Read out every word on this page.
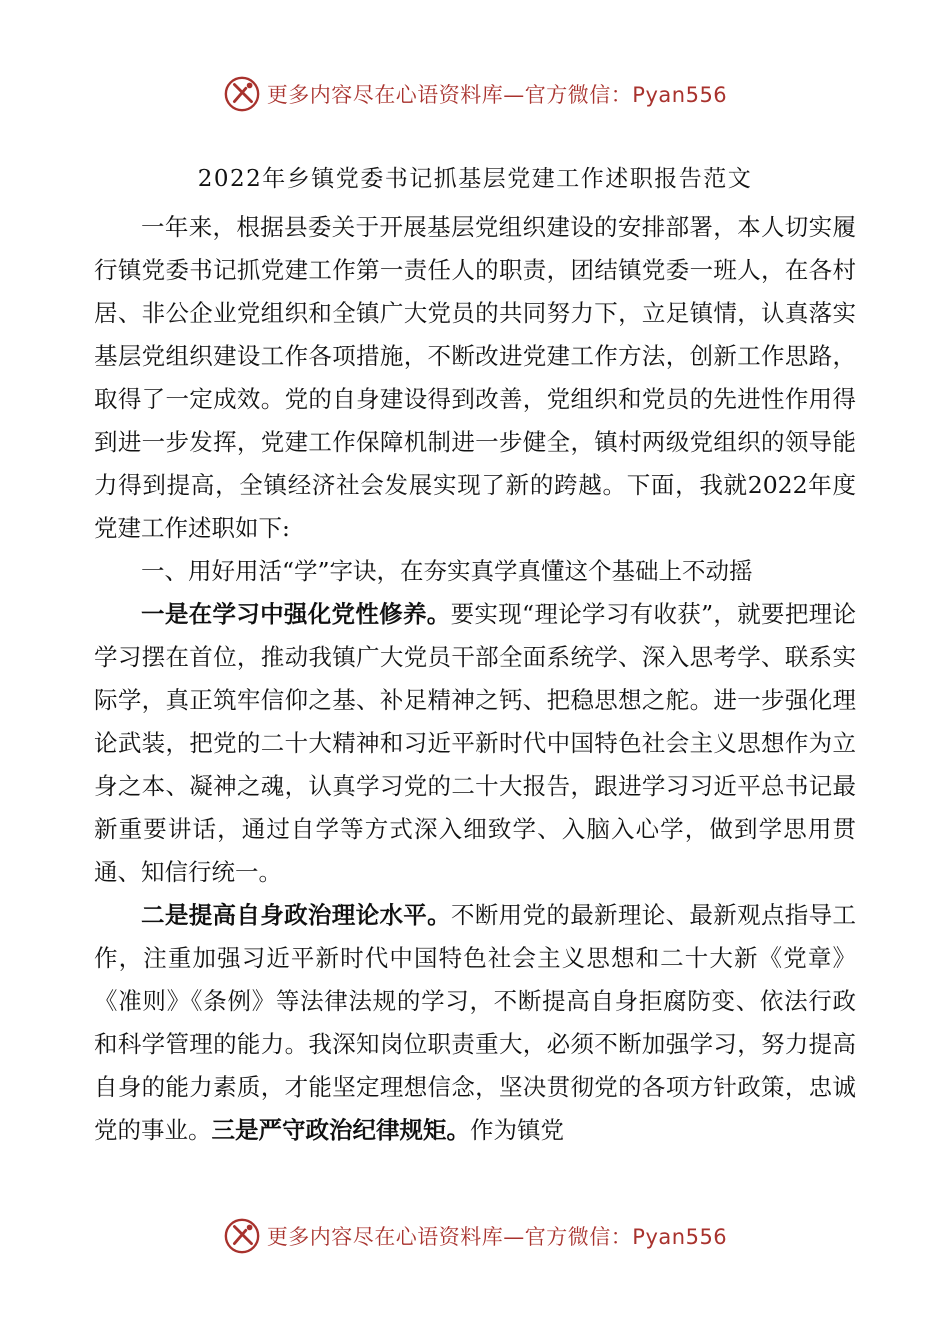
更多内容尽在心语资料库—官方微信：Pyan556
2022年乡镇党委书记抓基层党建工作述职报告范文

一年来，根据县委关于开展基层党组织建设的安排部署，本人切实履行镇党委书记抓党建工作第一责任人的职责，团结镇党委一班人，在各村居、非公企业党组织和全镇广大党员的共同努力下，立足镇情，认真落实基层党组织建设工作各项措施，不断改进党建工作方法，创新工作思路，取得了一定成效。党的自身建设得到改善，党组织和党员的先进性作用得到进一步发挥，党建工作保障机制进一步健全，镇村两级党组织的领导能力得到提高，全镇经济社会发展实现了新的跨越。下面，我就2022年度党建工作述职如下:

一、用好用活“学”字诀，在夯实真学真懂这个基础上不动摇

一是在学习中强化党性修养。要实现“理论学习有收获”，就要把理论学习摆在首位，推动我镇广大党员干部全面系统学、深入思考学、联系实际学，真正筑牢信仰之基、补足精神之钙、把稳思想之舵。进一步强化理论武装，把党的二十大精神和习近平新时代中国特色社会主义思想作为立身之本、凝神之魂，认真学习党的二十大报告，跟进学习习近平总书记最新重要讲话，通过自学等方式深入细致学、入脑入心学，做到学思用贯通、知信行统一。

二是提高自身政治理论水平。不断用党的最新理论、最新观点指导工作，注重加强习近平新时代中国特色社会主义思想和二十大新《党章》《准则》《条例》等法律法规的学习，不断提高自身拒腐防变、依法行政和科学管理的能力。我深知岗位职责重大，必须不断加强学习，努力提高自身的能力素质，才能坚定理想信念，坚决贯彻党的各项方针政策，忠诚党的事业。三是严守政治纪律规矩。作为镇党

更多内容尽在心语资料库—官方微信：Pyan556
